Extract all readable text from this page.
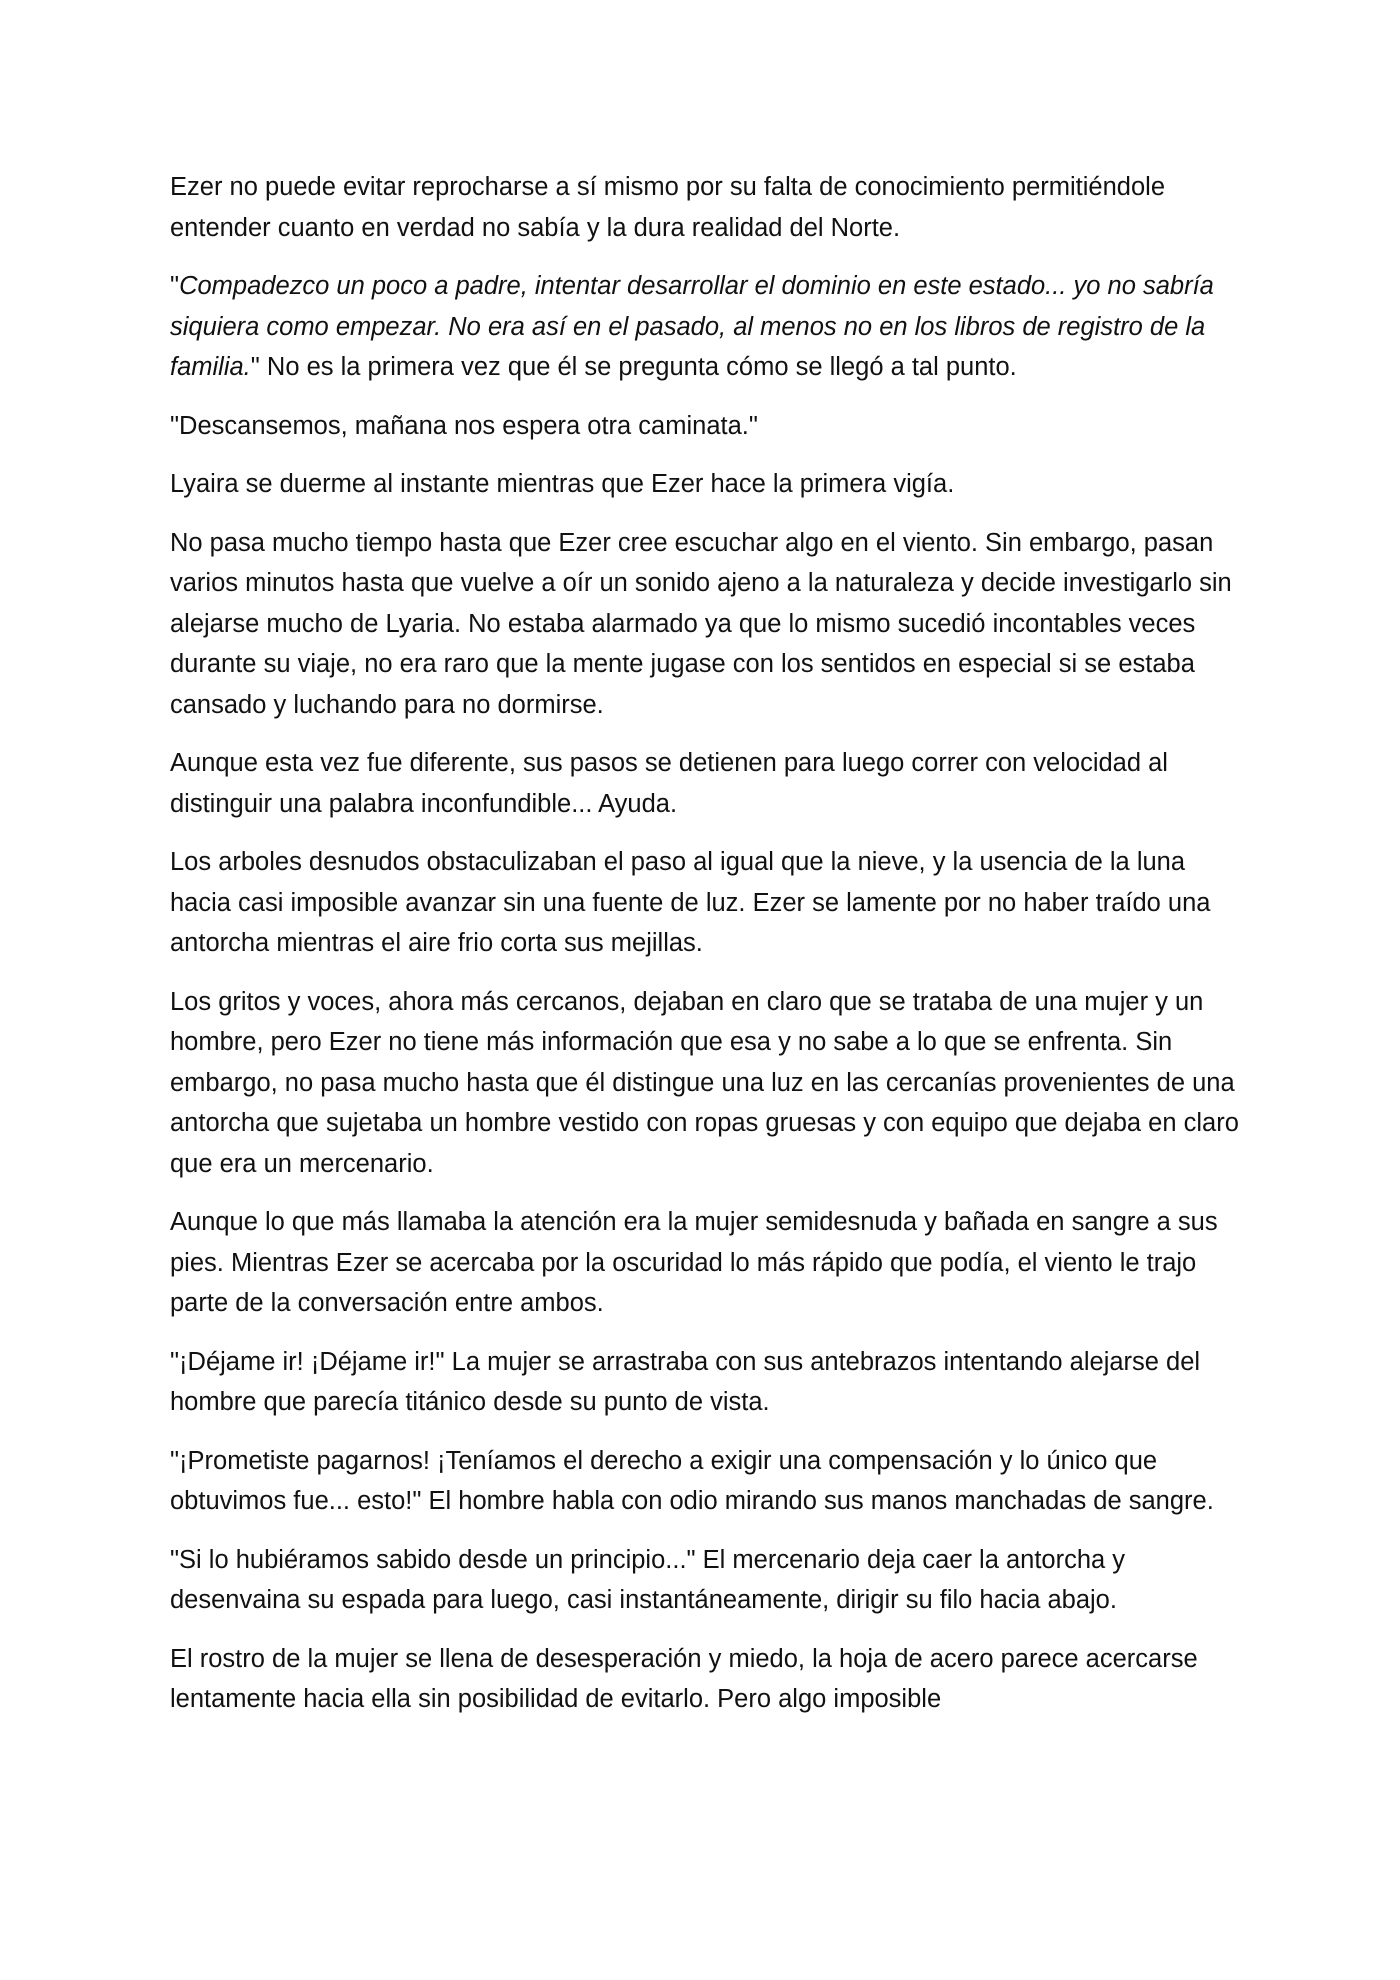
Ezer no puede evitar reprocharse a sí mismo por su falta de conocimiento permitiéndole entender cuanto en verdad no sabía y la dura realidad del Norte.

"Compadezco un poco a padre, intentar desarrollar el dominio en este estado... yo no sabría siquiera como empezar. No era así en el pasado, al menos no en los libros de registro de la familia." No es la primera vez que él se pregunta cómo se llegó a tal punto.

"Descansemos, mañana nos espera otra caminata."

Lyaira se duerme al instante mientras que Ezer hace la primera vigía.

No pasa mucho tiempo hasta que Ezer cree escuchar algo en el viento. Sin embargo, pasan varios minutos hasta que vuelve a oír un sonido ajeno a la naturaleza y decide investigarlo sin alejarse mucho de Lyaria. No estaba alarmado ya que lo mismo sucedió incontables veces durante su viaje, no era raro que la mente jugase con los sentidos en especial si se estaba cansado y luchando para no dormirse.

Aunque esta vez fue diferente, sus pasos se detienen para luego correr con velocidad al distinguir una palabra inconfundible... Ayuda.

Los arboles desnudos obstaculizaban el paso al igual que la nieve, y la usencia de la luna hacia casi imposible avanzar sin una fuente de luz. Ezer se lamente por no haber traído una antorcha mientras el aire frio corta sus mejillas.

Los gritos y voces, ahora más cercanos, dejaban en claro que se trataba de una mujer y un hombre, pero Ezer no tiene más información que esa y no sabe a lo que se enfrenta. Sin embargo, no pasa mucho hasta que él distingue una luz en las cercanías provenientes de una antorcha que sujetaba un hombre vestido con ropas gruesas y con equipo que dejaba en claro que era un mercenario.

Aunque lo que más llamaba la atención era la mujer semidesnuda y bañada en sangre a sus pies. Mientras Ezer se acercaba por la oscuridad lo más rápido que podía, el viento le trajo parte de la conversación entre ambos.

"¡Déjame ir! ¡Déjame ir!" La mujer se arrastraba con sus antebrazos intentando alejarse del hombre que parecía titánico desde su punto de vista.

"¡Prometiste pagarnos! ¡Teníamos el derecho a exigir una compensación y lo único que obtuvimos fue... esto!" El hombre habla con odio mirando sus manos manchadas de sangre.

"Si lo hubiéramos sabido desde un principio..." El mercenario deja caer la antorcha y desenvaina su espada para luego, casi instantáneamente, dirigir su filo hacia abajo.

El rostro de la mujer se llena de desesperación y miedo, la hoja de acero parece acercarse lentamente hacia ella sin posibilidad de evitarlo. Pero algo imposible
